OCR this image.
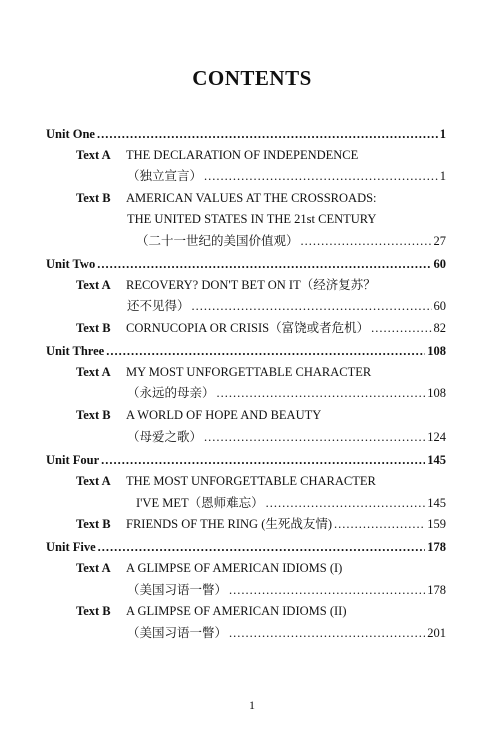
CONTENTS
Unit One .....	1
Text A	THE DECLARATION OF INDEPENDENCE
（独立宣言） .....	1
Text B	AMERICAN VALUES AT THE CROSSROADS:
THE UNITED STATES IN THE 21st CENTURY
（二十一世纪的美国价值观） .....	27
Unit Two .....	60
Text A	RECOVERY? DON'T BET ON IT（经济复苏？
还不见得） .....	60
Text B	CORNUCOPIA OR CRISIS（富饶或者危机） .....	82
Unit Three .....	108
Text A	MY MOST UNFORGETTABLE CHARACTER
（永远的母亲） .....	108
Text B	A WORLD OF HOPE AND BEAUTY
（母爱之歌） .....	124
Unit Four .....	145
Text A	THE MOST UNFORGETTABLE CHARACTER
I'VE MET（恩师难忘） .....	145
Text B	FRIENDS OF THE RING (生死战友情) .....	159
Unit Five .....	178
Text A	A GLIMPSE OF AMERICAN IDIOMS (I)
（美国习语一瞥） .....	178
Text B	A GLIMPSE OF AMERICAN IDIOMS (II)
（美国习语一瞥） .....	201
1
